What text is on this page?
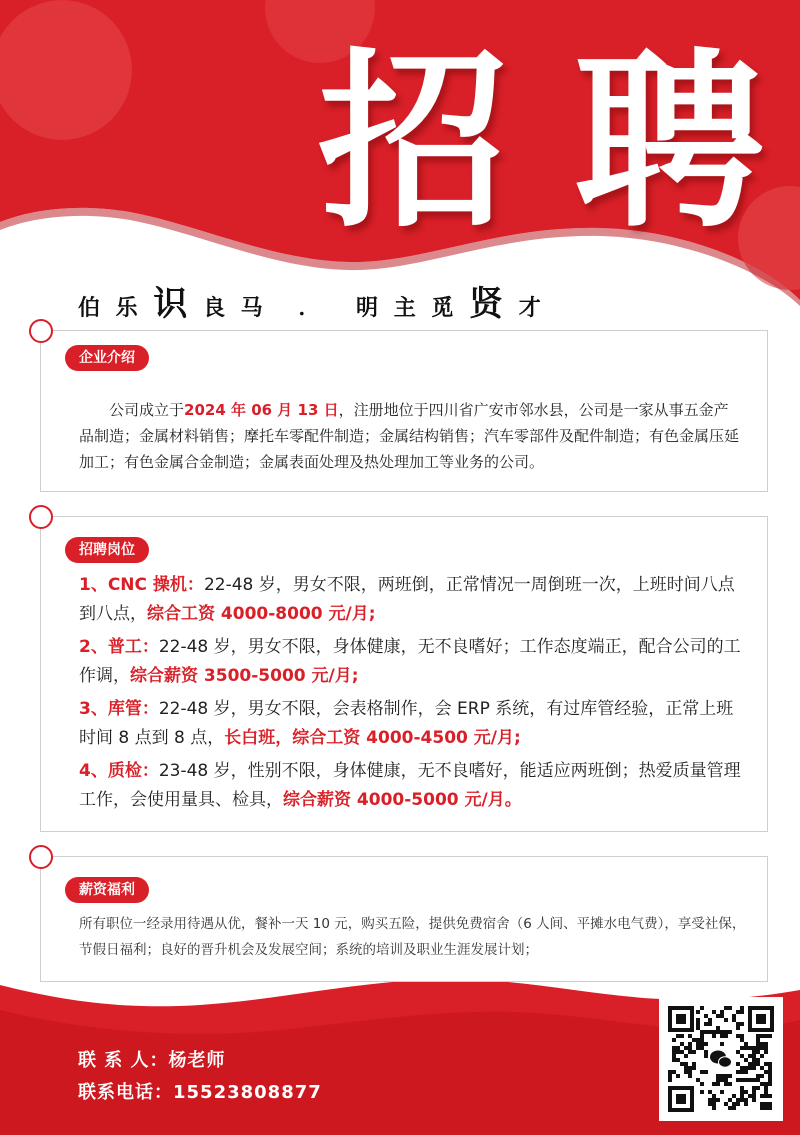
招 聘
伯 乐 识 良 马 ． 明 主 觅 贤 才
企业介绍
公司成立于2024 年 06 月 13 日，注册地位于四川省广安市邻水县，公司是一家从事五金产品制造；金属材料销售；摩托车零配件制造；金属结构销售；汽车零部件及配件制造；有色金属压延加工；有色金属合金制造；金属表面处理及热处理加工等业务的公司。
招聘岗位
1、CNC 操机：22-48 岁，男女不限，两班倒，正常情况一周倒班一次，上班时间八点到八点，综合工资 4000-8000 元/月;
2、普工：22-48 岁，男女不限，身体健康，无不良嗜好；工作态度端正，配合公司的工作调，综合薪资 3500-5000 元/月;
3、库管：22-48 岁，男女不限，会表格制作，会 ERP 系统，有过库管经验，正常上班时间 8 点到 8 点，长白班，综合工资 4000-4500 元/月;
4、质检：23-48 岁，性别不限，身体健康，无不良嗜好，能适应两班倒；热爱质量管理工作，会使用量具、检具，综合薪资 4000-5000 元/月。
薪资福利
所有职位一经录用待遇从优，餐补一天 10 元，购买五险，提供免费宿舍（6 人间、平摊水电气费），享受社保，节假日福利；良好的晋升机会及发展空间；系统的培训及职业生涯发展计划；
联 系 人：杨老师
联系电话：15523808877
